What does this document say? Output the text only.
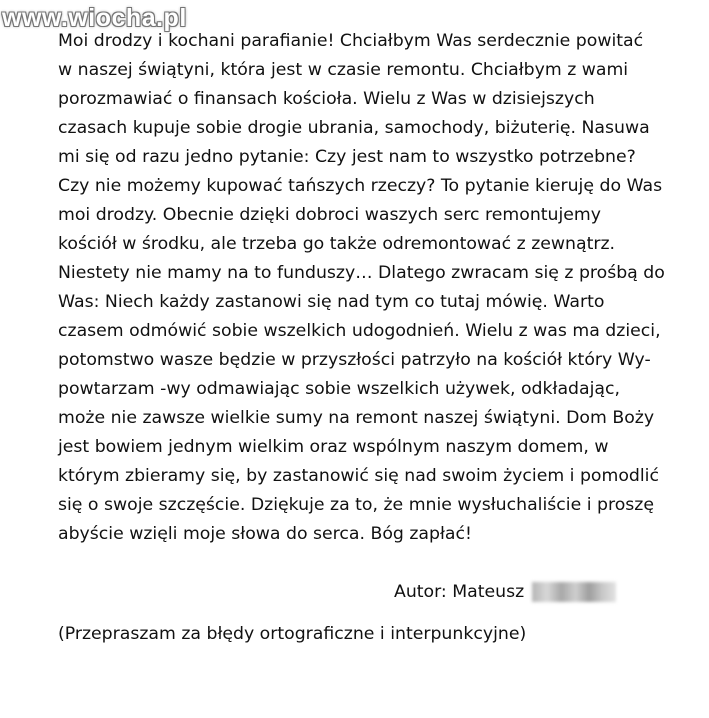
Moi drodzy i kochani parafianie! Chciałbym Was serdecznie powitać
w naszej świątyni, która jest w czasie remontu. Chciałbym z wami
porozmawiać o finansach kościoła. Wielu z Was w dzisiejszych
czasach kupuje sobie drogie ubrania, samochody, biżuterię. Nasuwa
mi się od razu jedno pytanie: Czy jest nam to wszystko potrzebne?
Czy nie możemy kupować tańszych rzeczy? To pytanie kieruję do Was
moi drodzy. Obecnie dzięki dobroci waszych serc remontujemy
kościół w środku, ale trzeba go także odremontować z zewnątrz.
Niestety nie mamy na to funduszy… Dlatego zwracam się z prośbą do
Was: Niech każdy zastanowi się nad tym co tutaj mówię. Warto
czasem odmówić sobie wszelkich udogodnień. Wielu z was ma dzieci,
potomstwo wasze będzie w przyszłości patrzyło na kościół który Wy-
powtarzam -wy odmawiając sobie wszelkich używek, odkładając,
może nie zawsze wielkie sumy na remont naszej świątyni. Dom Boży
jest bowiem jednym wielkim oraz wspólnym naszym domem, w
którym zbieramy się, by zastanowić się nad swoim życiem i pomodlić
się o swoje szczęście. Dziękuje za to, że mnie wysłuchaliście i proszę
abyście wzięli moje słowa do serca. Bóg zapłać!
Autor: Mateusz
(Przepraszam za błędy ortograficzne i interpunkcyjne)
www.wiocha.pl
